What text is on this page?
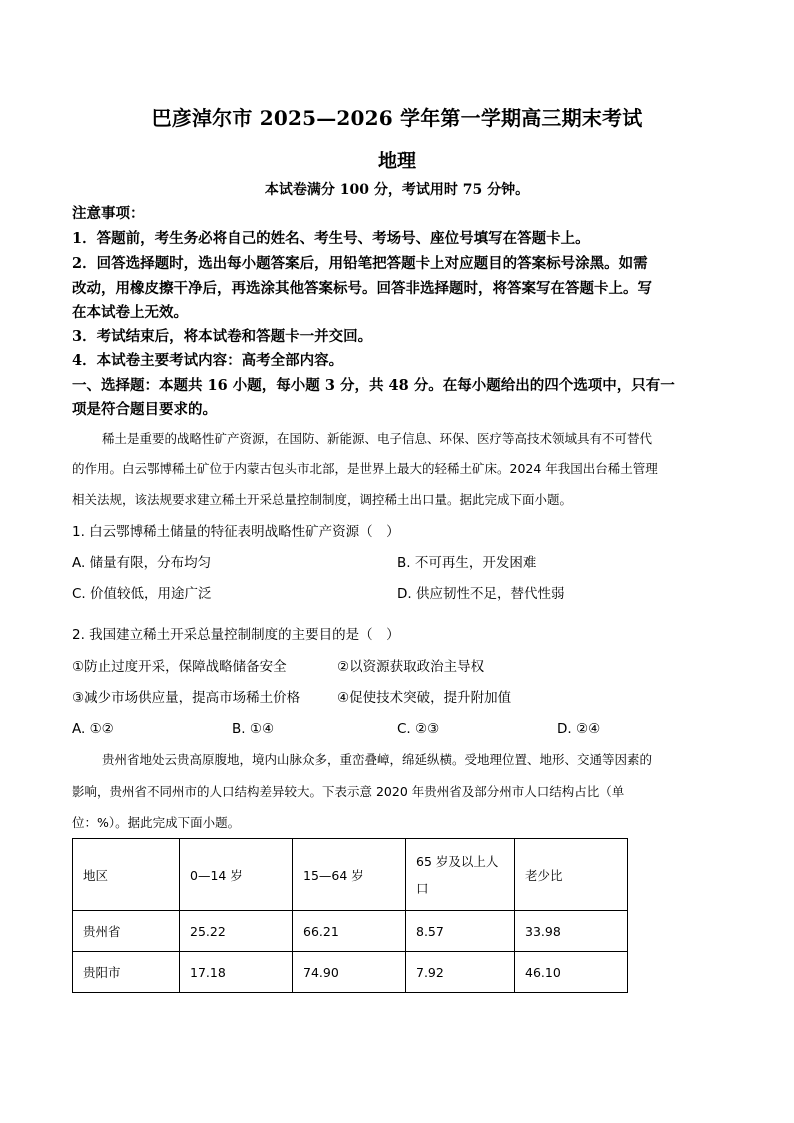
巴彦淖尔市 2025—2026 学年第一学期高三期末考试
地理
本试卷满分 100 分，考试用时 75 分钟。
注意事项：
1．答题前，考生务必将自己的姓名、考生号、考场号、座位号填写在答题卡上。
2．回答选择题时，选出每小题答案后，用铅笔把答题卡上对应题目的答案标号涂黑。如需
改动，用橡皮擦干净后，再选涂其他答案标号。回答非选择题时，将答案写在答题卡上。写
在本试卷上无效。
3．考试结束后，将本试卷和答题卡一并交回。
4．本试卷主要考试内容：高考全部内容。
一、选择题：本题共 16 小题，每小题 3 分，共 48 分。在每小题给出的四个选项中，只有一
项是符合题目要求的。
稀土是重要的战略性矿产资源，在国防、新能源、电子信息、环保、医疗等高技术领域具有不可替代
的作用。白云鄂博稀土矿位于内蒙古包头市北部，是世界上最大的轻稀土矿床。2024 年我国出台稀土管理
相关法规，该法规要求建立稀土开采总量控制制度，调控稀土出口量。据此完成下面小题。
1. 白云鄂博稀土储量的特征表明战略性矿产资源（　）
A. 储量有限，分布均匀	B. 不可再生，开发困难
C. 价值较低，用途广泛	D. 供应韧性不足，替代性弱
2. 我国建立稀土开采总量控制制度的主要目的是（　）
①防止过度开采，保障战略储备安全	②以资源获取政治主导权
③减少市场供应量，提高市场稀土价格	④促使技术突破，提升附加值
A. ①②	B. ①④	C. ②③	D. ②④
贵州省地处云贵高原腹地，境内山脉众多，重峦叠嶂，绵延纵横。受地理位置、地形、交通等因素的
影响，贵州省不同州市的人口结构差异较大。下表示意 2020 年贵州省及部分州市人口结构占比（单
位：%）。据此完成下面小题。
地区	0—14 岁	15—64 岁	65 岁及以上人
口	老少比
贵州省	25.22	66.21	8.57	33.98
贵阳市	17.18	74.90	7.92	46.10
